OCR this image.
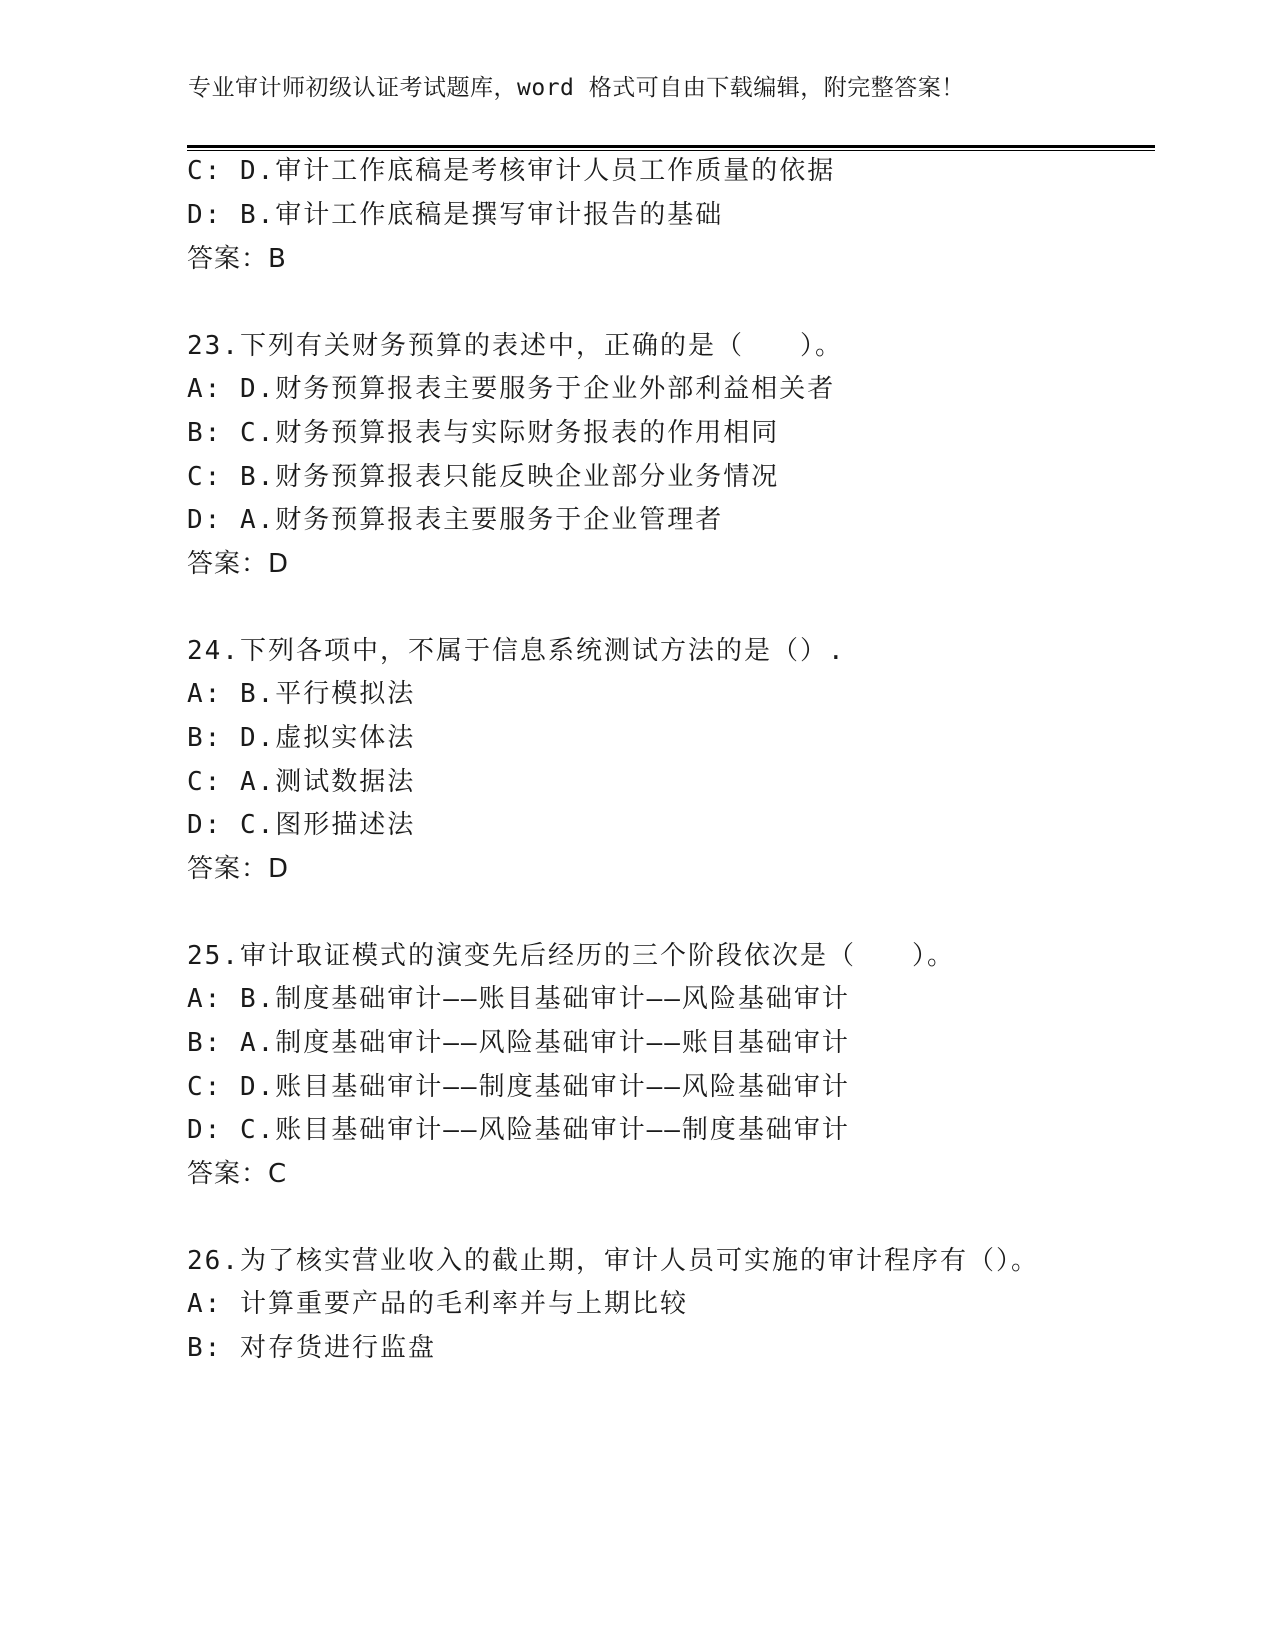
专业审计师初级认证考试题库，word 格式可自由下载编辑，附完整答案！
C: D.审计工作底稿是考核审计人员工作质量的依据
D: B.审计工作底稿是撰写审计报告的基础
答案：B
23.下列有关财务预算的表述中，正确的是（　　）。
A: D.财务预算报表主要服务于企业外部利益相关者
B: C.财务预算报表与实际财务报表的作用相同
C: B.财务预算报表只能反映企业部分业务情况
D: A.财务预算报表主要服务于企业管理者
答案：D
24.下列各项中，不属于信息系统测试方法的是（）.
A: B.平行模拟法
B: D.虚拟实体法
C: A.测试数据法
D: C.图形描述法
答案：D
25.审计取证模式的演变先后经历的三个阶段依次是（　　）。
A: B.制度基础审计——账目基础审计——风险基础审计
B: A.制度基础审计——风险基础审计——账目基础审计
C: D.账目基础审计——制度基础审计——风险基础审计
D: C.账目基础审计——风险基础审计——制度基础审计
答案：C
26.为了核实营业收入的截止期，审计人员可实施的审计程序有（）。
A: 计算重要产品的毛利率并与上期比较
B: 对存货进行监盘
